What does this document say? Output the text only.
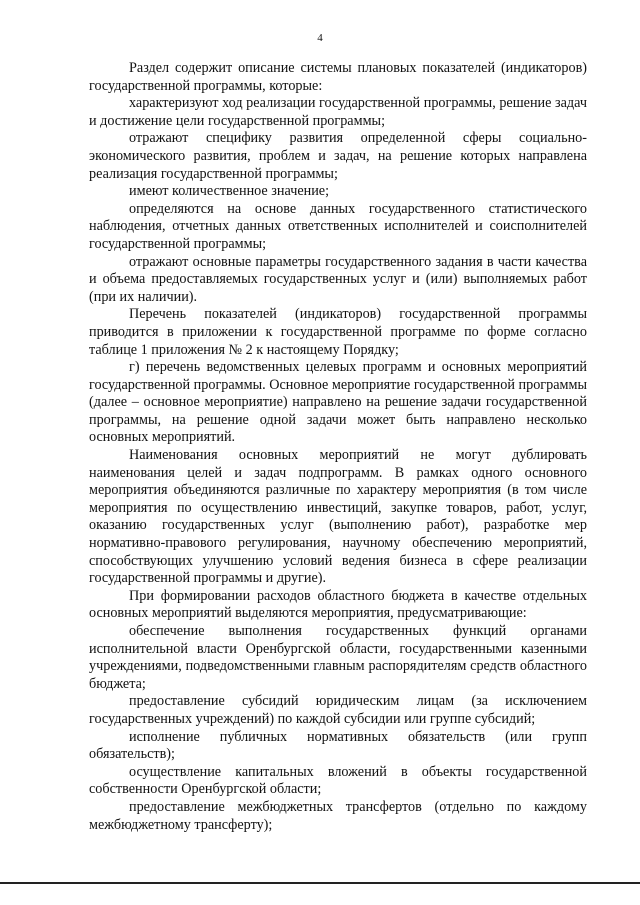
4

Раздел содержит описание системы плановых показателей (индикаторов) государственной программы, которые:

характеризуют ход реализации государственной программы, решение задач и достижение цели государственной программы;

отражают специфику развития определенной сферы социально-экономического развития, проблем и задач, на решение которых направлена реализация государственной программы;

имеют количественное значение;

определяются на основе данных государственного статистического наблюдения, отчетных данных ответственных исполнителей и соисполнителей государственной программы;

отражают основные параметры государственного задания в части качества и объема предоставляемых государственных услуг и (или) выполняемых работ (при их наличии).

Перечень показателей (индикаторов) государственной программы приводится в приложении к государственной программе по форме согласно таблице 1 приложения № 2 к настоящему Порядку;

г) перечень ведомственных целевых программ и основных мероприятий государственной программы. Основное мероприятие государственной программы (далее – основное мероприятие) направлено на решение задачи государственной программы, на решение одной задачи может быть направлено несколько основных мероприятий.

Наименования основных мероприятий не могут дублировать наименования целей и задач подпрограмм. В рамках одного основного мероприятия объединяются различные по характеру мероприятия (в том числе мероприятия по осуществлению инвестиций, закупке товаров, работ, услуг, оказанию государственных услуг (выполнению работ), разработке мер нормативно-правового регулирования, научному обеспечению мероприятий, способствующих улучшению условий ведения бизнеса в сфере реализации государственной программы и другие).

При формировании расходов областного бюджета в качестве отдельных основных мероприятий выделяются мероприятия, предусматривающие:

обеспечение выполнения государственных функций органами исполнительной власти Оренбургской области, государственными казенными учреждениями, подведомственными главным распорядителям средств областного бюджета;

предоставление субсидий юридическим лицам (за исключением государственных учреждений) по каждой субсидии или группе субсидий;

исполнение публичных нормативных обязательств (или групп обязательств);

осуществление капитальных вложений в объекты государственной собственности Оренбургской области;

предоставление межбюджетных трансфертов (отдельно по каждому межбюджетному трансферту);
